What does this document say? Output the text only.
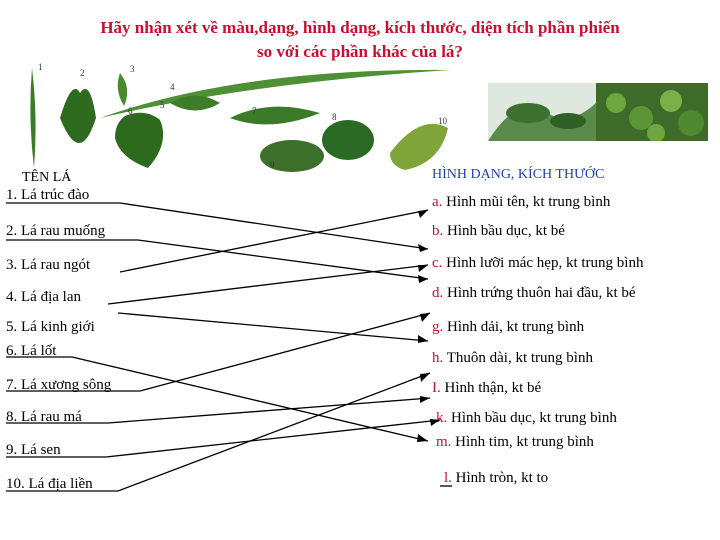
Hãy nhận xét về màu,dạng, hình dạng, kích thước, diện tích phần phiến
so với các phần khác của lá?
1
2	3
4
5
6	7
8
9
10
TÊN LÁ	HÌNH DẠNG, KÍCH THƯỚC
1. Lá trúc đào
2. Lá rau muống
3. Lá rau ngót
4. Lá địa lan
5. Lá kinh giới
6. Lá lốt
7. Lá xương sông
8. Lá rau má
9. Lá sen
10. Lá địa liền
a. Hình mũi tên, kt trung bình
b. Hình bầu dục, kt bé
c. Hình lưỡi mác hẹp, kt trung bình
d. Hình trứng thuôn hai đầu, kt bé
g. Hình dải, kt trung bình
h. Thuôn dài, kt trung bình
I. Hình thận, kt bé
k. Hình bầu dục, kt trung bình
m. Hình tim, kt trung bình
l. Hình tròn, kt to
